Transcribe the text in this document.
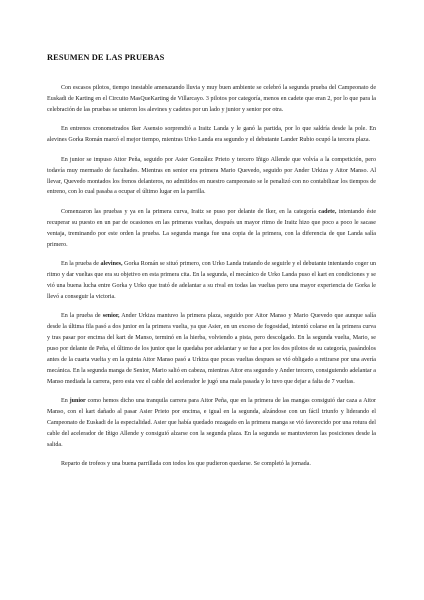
RESUMEN DE LAS PRUEBAS

Con escasos pilotos, tiempo inestable amenazando lluvia y muy buen ambiente se celebró la segunda prueba del Campeonato de Euskadi de Karting en el Circuito MasQueKarting de Villarcayo. 3 pilotos por categoría, menos en cadete que eran 2, por lo que para la celebración de las pruebas se unieron los alevines y cadetes por un lado y junior y senior por otra.

En entrenos cronometrados Iker Asensio sorprendió a Iraitz Landa y le ganó la partida, por lo que saldría desde la pole. En alevines Gorka Román marcó el mejor tiempo, mientras Urko Landa era segundo y el debutante Lander Rubio ocupó la tercera plaza.

En junior se impuso Aitor Peña, seguido por Asier González Prieto y tercero Iñigo Allende que volvía a la competición, pero todavía muy mermado de facultades. Mientras en senior era primera Mario Quevedo, seguido por Ander Urkiza y Aitor Manso. Al llevar, Quevedo montados los frenos delanteros, no admitidos en nuestro campeonato se le penalizó con no contabilizar los tiempos de entreno, con lo cual pasaba a ocupar el último lugar en la parrilla.

Comenzaron las pruebas y ya en la primera curva, Iraitz se puso por delante de Iker, en la categoría cadete, intentando éste recuperar su puesto en un par de ocasiones en las primeras vueltas, después un mayor ritmo de Iraitz hizo que poco a poco le sacase ventaja, treminando por este orden la prueba. La segunda manga fue una copia de la primera, con la diferencia de que Landa salía primero.

En la prueba de alevines, Gorka Román se situó primero, con Urko Landa tratando de seguirle y el debutante intentando coger un ritmo y dar vueltas que era su objetivo en esta primera cita. En la segunda, el mecánico de Urko Landa puso el kart en condiciones y se vió una buena lucha entre Gorka y Urko que trató de adelantar a su rival en todas las vueltas pero una mayor experiencia de Gorka le llevó a conseguir la victoria.

En la prueba de senior, Ander Urkiza mantuvo la primera plaza, seguido por Aitor Manso y Mario Quevedo que aunque salía desde la última fila pasó a dos junior en la primera vuelta, ya que Asier, en un exceso de fogosidad, intentó colarse en la primera curva y tras pasar por encima del kart de Manso, terminó en la hierba, volviendo a pista, pero descolgado. En la segunda vuelta, Mario, se puso por delante de Peña, el último de los junior que le quedaba por adelantar y se fue a por los dos pilotos de su categoría, pasándolos antes de la cuarta vuelta y en la quinta Aitor Manso pasó a Urkiza que pocas vueltas despues se vió obligado a retirarse por una avería mecánica. En la segunda manga de Senior, Mario salió en cabeza, mientras Aitor era segundo y Ander tercero, consiguiendo adelantar a Manso mediada la carrera, pero esta vez el cable del acelerador le jugó una mala pasada y lo tuvo que dejar a falta de 7 vueltas.

En junior como hemos dicho una tranquila carrera para Aitor Peña, que en la primera de las mangas consiguió dar caza a Aitor Manso, con el kart dañado al pasar Asier Prieto por encima, e igual en la segunda, alzándose con un fácil triunfo y liderando el Campeonato de Euskadi de la especialidad. Asier que había quedado rezagado en la primera manga se vió favorecido por una rotura del cable del acelerador de Iñigo Allende y consiguió alzarse con la segunda plaza. En la segunda se mantuvieron las posiciones desde la salida.

Reparto de trofeos y una buena parrillada con todos los que pudieron quedarse. Se completó la jornada.
